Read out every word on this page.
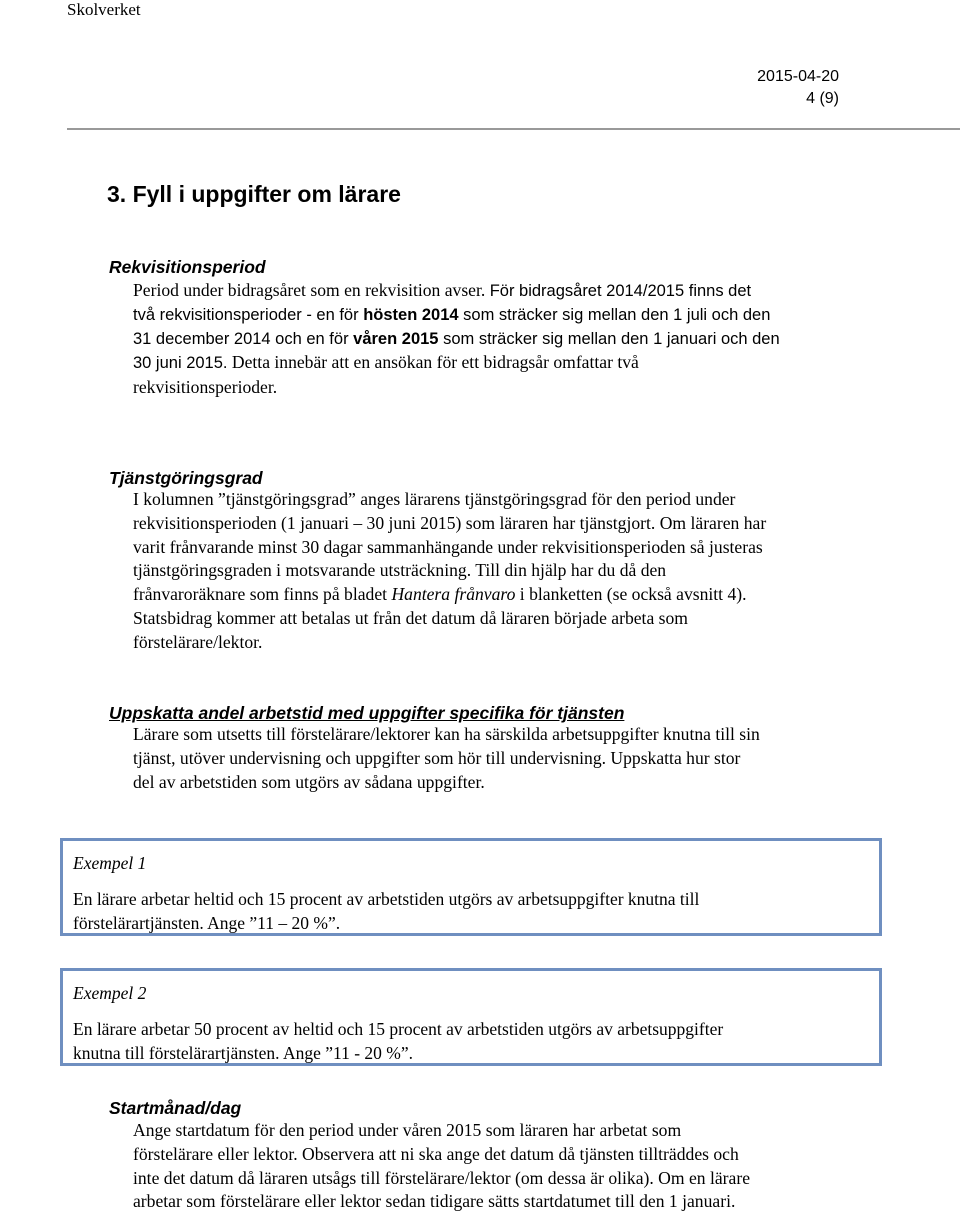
Skolverket
2015-04-20
4 (9)
3. Fyll i uppgifter om lärare
Rekvisitionsperiod
Period under bidragsåret som en rekvisition avser. För bidragsåret 2014/2015 finns det
två rekvisitionsperioder - en för hösten 2014 som sträcker sig mellan den 1 juli och den
31 december 2014 och en för våren 2015 som sträcker sig mellan den 1 januari och den
30 juni 2015. Detta innebär att en ansökan för ett bidragsår omfattar två
rekvisitionsperioder.
Tjänstgöringsgrad
I kolumnen ”tjänstgöringsgrad” anges lärarens tjänstgöringsgrad för den period under
rekvisitionsperioden (1 januari – 30 juni 2015) som läraren har tjänstgjort. Om läraren har
varit frånvarande minst 30 dagar sammanhängande under rekvisitionsperioden så justeras
tjänstgöringsgraden i motsvarande utsträckning. Till din hjälp har du då den
frånvaroräknare som finns på bladet Hantera frånvaro i blanketten (se också avsnitt 4).
Statsbidrag kommer att betalas ut från det datum då läraren började arbeta som
förstelärare/lektor.
Uppskatta andel arbetstid med uppgifter specifika för tjänsten
Lärare som utsetts till förstelärare/lektorer kan ha särskilda arbetsuppgifter knutna till sin
tjänst, utöver undervisning och uppgifter som hör till undervisning. Uppskatta hur stor
del av arbetstiden som utgörs av sådana uppgifter.
Exempel 1
En lärare arbetar heltid och 15 procent av arbetstiden utgörs av arbetsuppgifter knutna till
förstelärartjänsten. Ange ”11 – 20 %”.
Exempel 2
En lärare arbetar 50 procent av heltid och 15 procent av arbetstiden utgörs av arbetsuppgifter
knutna till förstelärartjänsten. Ange ”11 - 20 %”.
Startmånad/dag
Ange startdatum för den period under våren 2015 som läraren har arbetat som
förstelärare eller lektor. Observera att ni ska ange det datum då tjänsten tillträddes och
inte det datum då läraren utsågs till förstelärare/lektor (om dessa är olika). Om en lärare
arbetar som förstelärare eller lektor sedan tidigare sätts startdatumet till den 1 januari.
